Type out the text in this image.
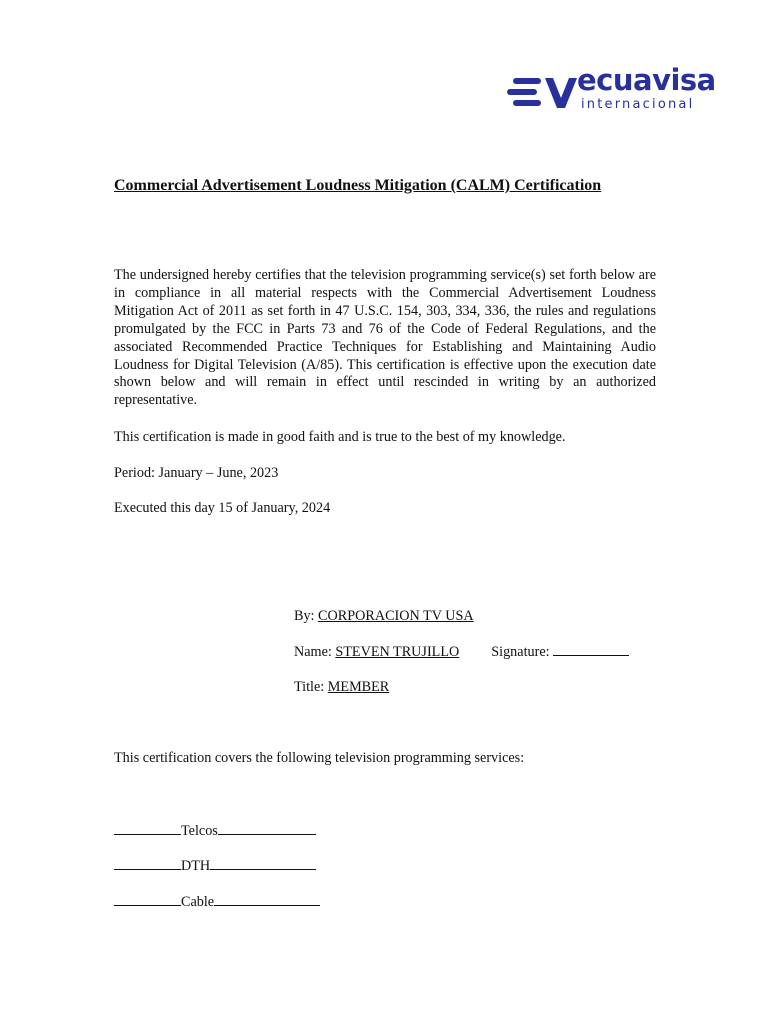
ecuavisa
internacional
Commercial Advertisement Loudness Mitigation (CALM) Certification

The undersigned hereby certifies that the television programming service(s) set forth below are in compliance in all material respects with the Commercial Advertisement Loudness Mitigation Act of 2011 as set forth in 47 U.S.C. 154, 303, 334, 336, the rules and regulations promulgated by the FCC in Parts 73 and 76 of the Code of Federal Regulations, and the associated Recommended Practice Techniques for Establishing and Maintaining Audio Loudness for Digital Television (A/85). This certification is effective upon the execution date shown below and will remain in effect until rescinded in writing by an authorized representative.

This certification is made in good faith and is true to the best of my knowledge.

Period: January – June, 2023

Executed this day 15 of January, 2024

By: CORPORACION TV USA
Name: STEVEN TRUJILLO Signature:
Title: MEMBER

This certification covers the following television programming services:

Telcos
DTH
Cable
